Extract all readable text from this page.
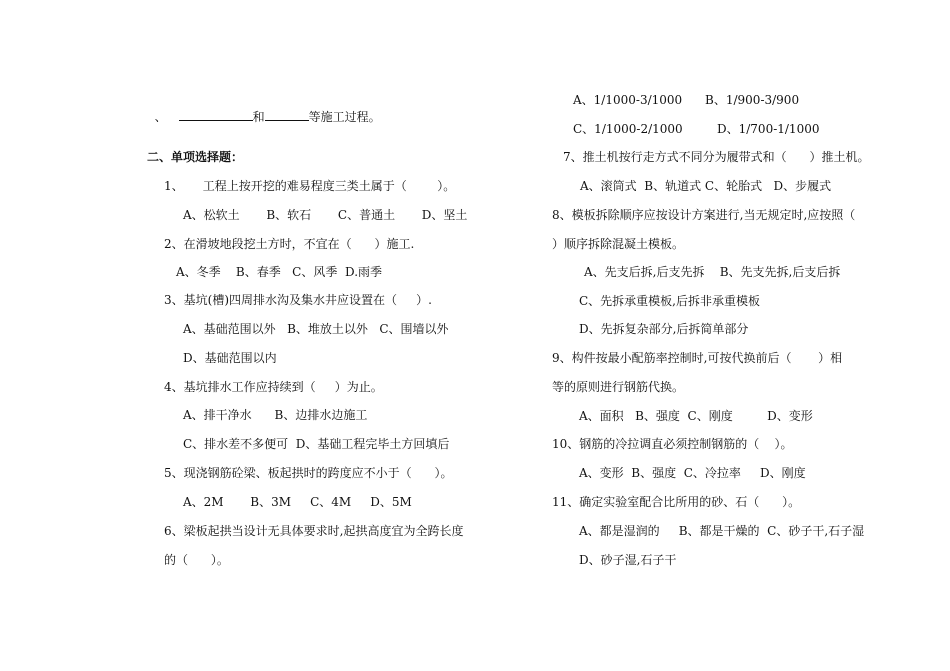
、	和	等施工过程。

二、单项选择题：
1、     工程上按开挖的难易程度三类土属于（        ）。
A、松软土       B、软石       C、普通土       D、坚土
2、在滑坡地段挖土方时，不宜在（      ）施工.
A、冬季    B、春季   C、风季  D.雨季
3、基坑(槽)四周排水沟及集水井应设置在（     ）.
A、基础范围以外   B、堆放土以外   C、围墙以外
D、基础范围以内
4、基坑排水工作应持续到（     ）为止。
A、排干净水      B、边排水边施工
C、排水差不多便可  D、基础工程完毕土方回填后
5、现浇钢筋砼梁、板起拱时的跨度应不小于（      ）。
A、2M       B、3M     C、4M     D、5M
6、梁板起拱当设计无具体要求时,起拱高度宜为全跨长度
的（      ）。
A、1/1000-3/1000      B、1/900-3/900
C、1/1000-2/1000         D、1/700-1/1000
7、推土机按行走方式不同分为履带式和（      ）推土机。
A、滚筒式  B、轨道式 C、轮胎式   D、步履式
8、模板拆除顺序应按设计方案进行,当无规定时,应按照（
）顺序拆除混凝土模板。
A、先支后拆,后支先拆    B、先支先拆,后支后拆
C、先拆承重模板,后拆非承重模板
D、先拆复杂部分,后拆简单部分
9、构件按最小配筋率控制时,可按代换前后（       ）相
等的原则进行钢筋代换。
A、面积   B、强度  C、刚度         D、变形
10、钢筋的冷拉调直必须控制钢筋的（    ）。
A、变形  B、强度  C、冷拉率     D、刚度
11、确定实验室配合比所用的砂、石（      ）。
A、都是湿润的     B、都是干燥的  C、砂子干,石子湿
D、砂子湿,石子干
